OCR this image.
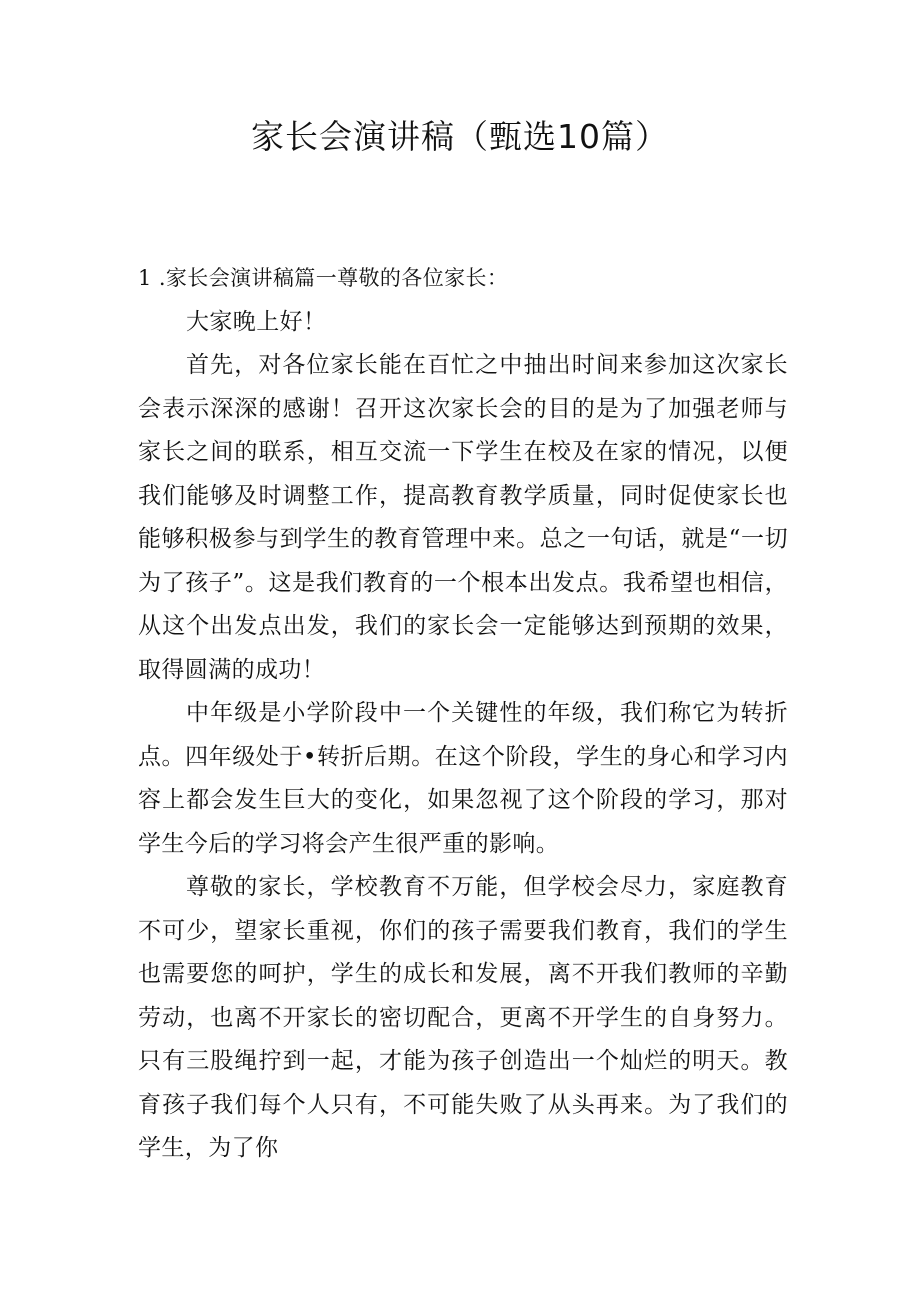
家长会演讲稿（甄选10篇）

1 .家长会演讲稿篇一尊敬的各位家长：

大家晚上好！

首先，对各位家长能在百忙之中抽出时间来参加这次家长会表示深深的感谢！召开这次家长会的目的是为了加强老师与家长之间的联系，相互交流一下学生在校及在家的情况，以便我们能够及时调整工作，提高教育教学质量，同时促使家长也能够积极参与到学生的教育管理中来。总之一句话，就是“一切为了孩子”。这是我们教育的一个根本出发点。我希望也相信，从这个出发点出发，我们的家长会一定能够达到预期的效果，取得圆满的成功！

中年级是小学阶段中一个关键性的年级，我们称它为转折点。四年级处于•转折后期。在这个阶段，学生的身心和学习内容上都会发生巨大的变化，如果忽视了这个阶段的学习，那对学生今后的学习将会产生很严重的影响。

尊敬的家长，学校教育不万能，但学校会尽力，家庭教育不可少，望家长重视，你们的孩子需要我们教育，我们的学生也需要您的呵护，学生的成长和发展，离不开我们教师的辛勤劳动，也离不开家长的密切配合，更离不开学生的自身努力。只有三股绳拧到一起，才能为孩子创造出一个灿烂的明天。教育孩子我们每个人只有，不可能失败了从头再来。为了我们的学生，为了你
